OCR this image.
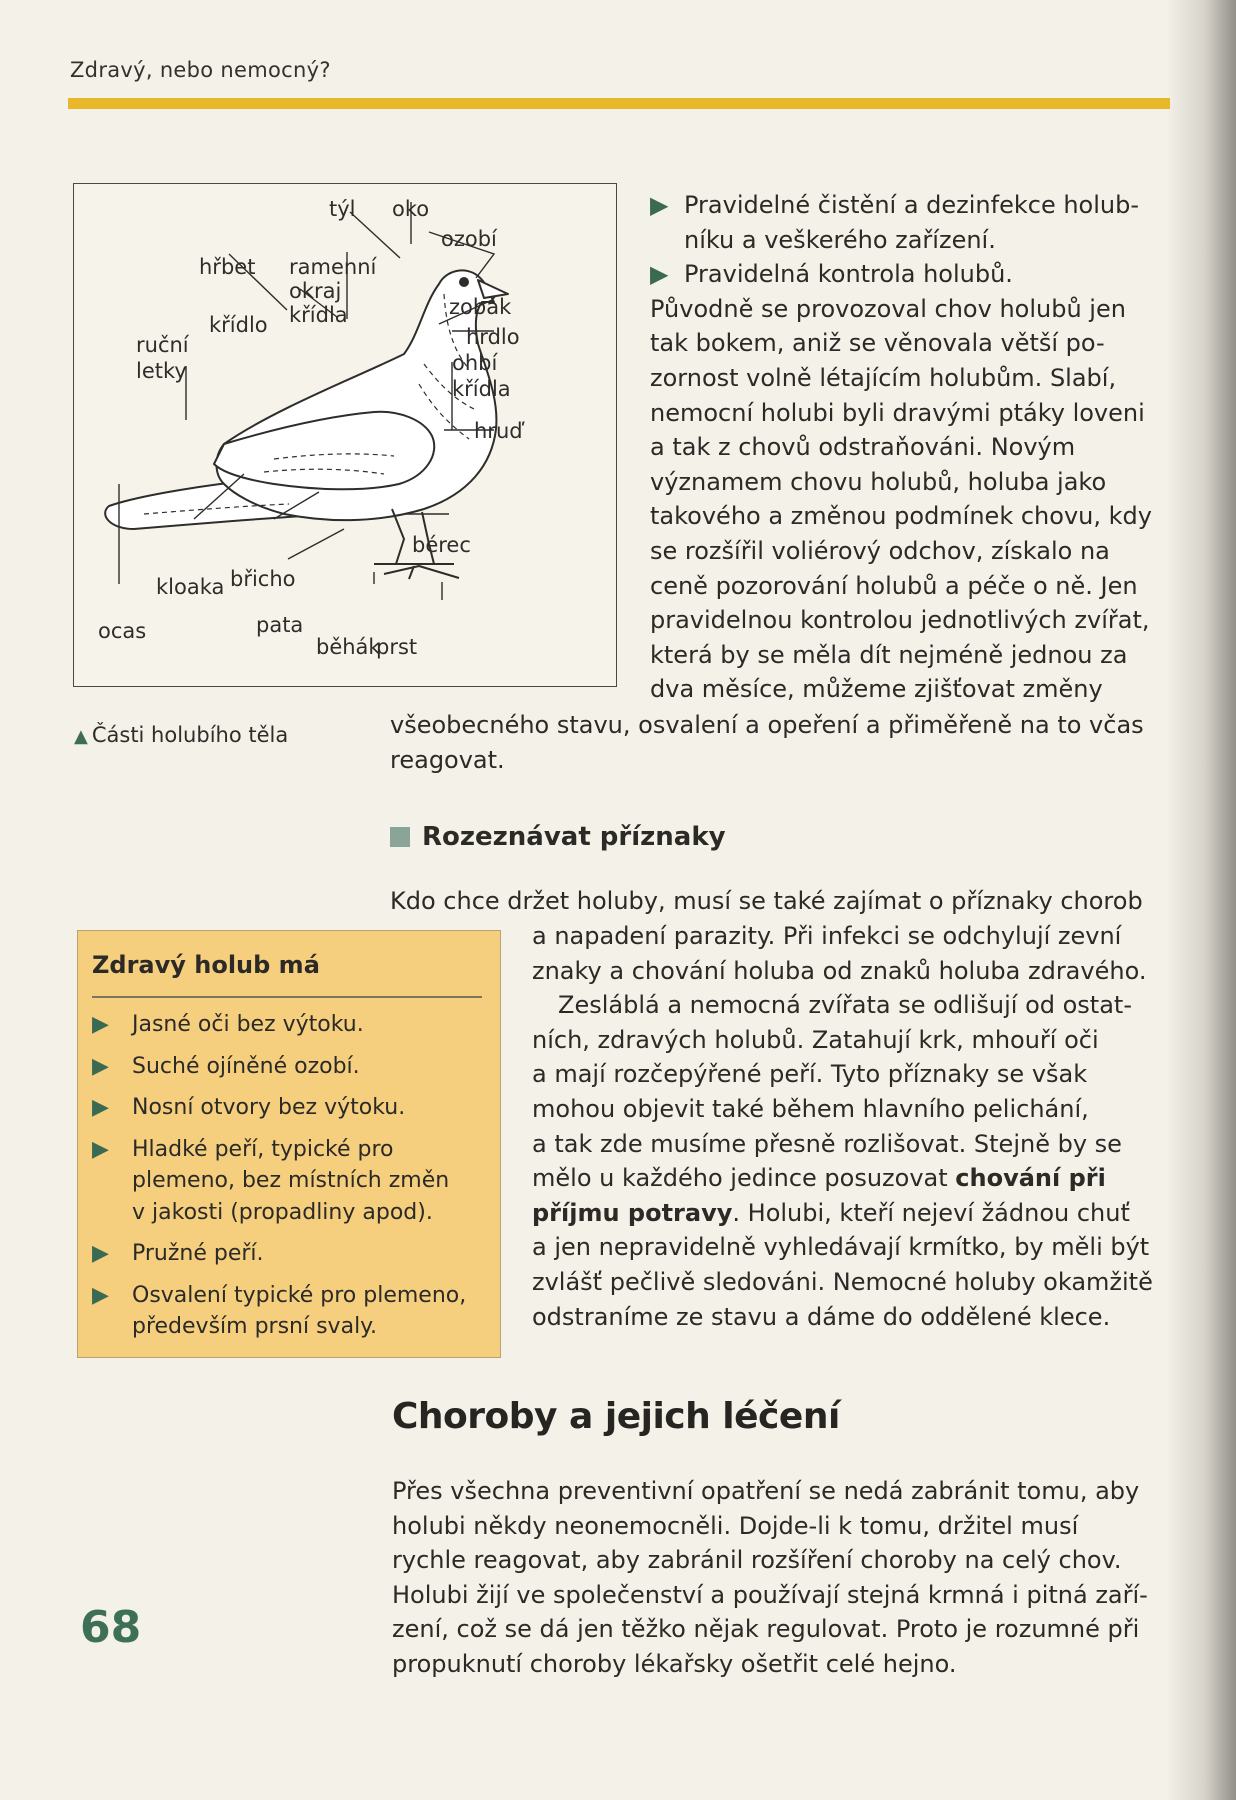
Zdravý, nebo nemocný?
týl oko
ozobí
hřbet ramenní
okraj
křídla	zobák
křídlo	hrdlo
ruční
letky	ohbí
křídla
hruď
bérec
kloaka břicho
pata
ocas
běhák
prst
▲ Části holubího těla
▶ Pravidelné čistění a dezinfekce holub-
níku a veškerého zařízení.
▶ Pravidelná kontrola holubů.
Původně se provozoval chov holubů jen
tak bokem, aniž se věnovala větší po-
zornost volně létajícím holubům. Slabí,
nemocní holubi byli dravými ptáky loveni
a tak z chovů odstraňováni. Novým
významem chovu holubů, holuba jako
takového a změnou podmínek chovu, kdy
se rozšířil voliérový odchov, získalo na
ceně pozorování holubů a péče o ně. Jen
pravidelnou kontrolou jednotlivých zvířat,
která by se měla dít nejméně jednou za
dva měsíce, můžeme zjišťovat změny
všeobecného stavu, osvalení a opeření a přiměřeně na to včas
reagovat.
Rozeznávat příznaky
Kdo chce držet holuby, musí se také zajímat o příznaky chorob
a napadení parazity. Při infekci se odchylují zevní
znaky a chování holuba od znaků holuba zdravého.
Zesláblá a nemocná zvířata se odlišují od ostat-
ních, zdravých holubů. Zatahují krk, mhouří oči
a mají rozčepýřené peří. Tyto příznaky se však
mohou objevit také během hlavního pelichání,
a tak zde musíme přesně rozlišovat. Stejně by se
mělo u každého jedince posuzovat chování při
příjmu potravy. Holubi, kteří nejeví žádnou chuť
a jen nepravidelně vyhledávají krmítko, by měli být
zvlášť pečlivě sledováni. Nemocné holuby okamžitě
odstraníme ze stavu a dáme do oddělené klece.
Zdravý holub má
▶ Jasné oči bez výtoku.
▶ Suché ojíněné ozobí.
▶ Nosní otvory bez výtoku.
▶ Hladké peří, typické pro
plemeno, bez místních změn
v jakosti (propadliny apod).
▶ Pružné peří.
▶ Osvalení typické pro plemeno,
především prsní svaly.
Choroby a jejich léčení
Přes všechna preventivní opatření se nedá zabránit tomu, aby
holubi někdy neonemocněli. Dojde-li k tomu, držitel musí
rychle reagovat, aby zabránil rozšíření choroby na celý chov.
Holubi žijí ve společenství a používají stejná krmná i pitná zaří-
zení, což se dá jen těžko nějak regulovat. Proto je rozumné při
propuknutí choroby lékařsky ošetřit celé hejno.
68
